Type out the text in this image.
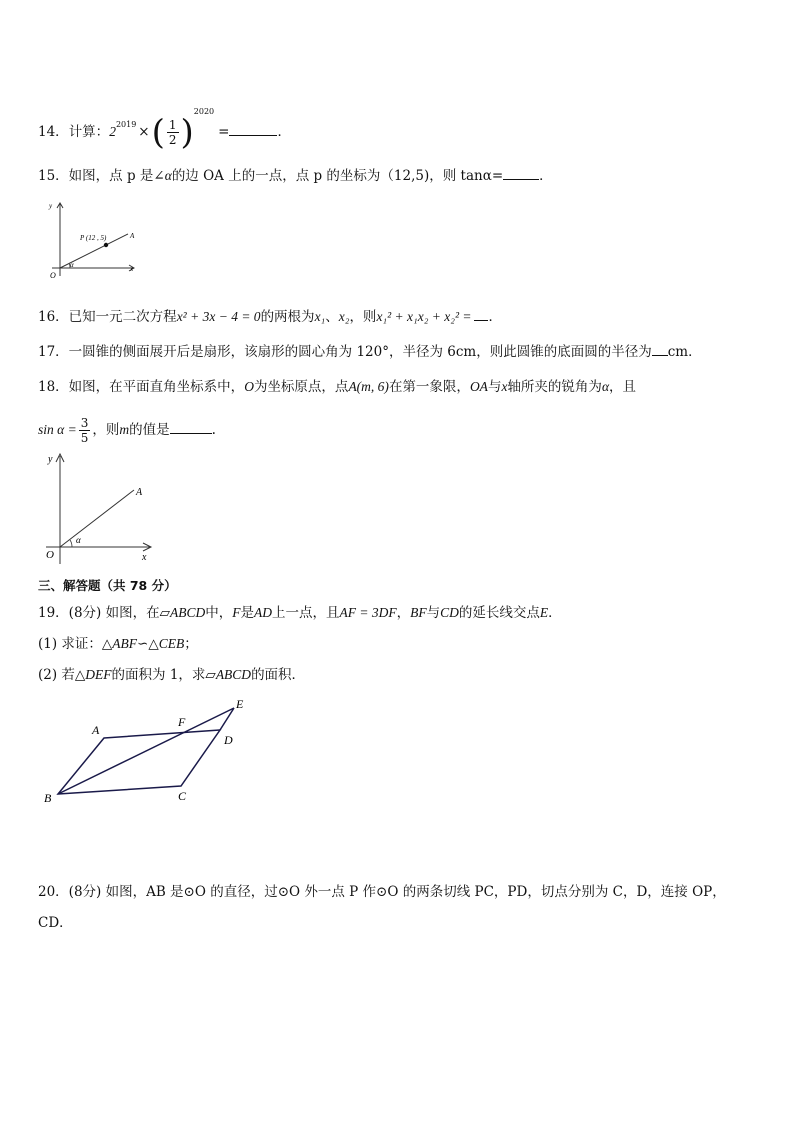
14．计算：$2^{2019}$ ×( $\frac{1}{2} )^{2020}=$	．
15．如图，点 p 是∠α的边 OA 上的一点，点 p 的坐标为（12,5)，则 tanα=	．
y
x
O
P (12 , 5)	A
α
16．已知一元二次方程x² + 3x − 4 = 0的两根为x₁、x₂，则x₁² + x₁x₂ + x₂² = ．
17．一圆锥的侧面展开后是扇形，该扇形的圆心角为 120°，半径为 6cm，则此圆锥的底面圆的半径为 cm．
18．如图，在平面直角坐标系中，O为坐标原点，点A(m, 6)在第一象限，OA与x轴所夹的锐角为α，且
$\sin \alpha = \frac{3}{5}$ ，则m的值是	.
y
x
O
A
α
三、解答题（共 78 分）
19．(8分) 如图，在▱ABCD中，F是AD上一点，且AF = 3DF，BF与CD的延长线交点E．
(1) 求证：△ABF∽△CEB；
(2) 若△DEF的面积为 1，求▱ABCD的面积．
A
B	C
D
E
F
20．(8分) 如图，AB 是⊙O 的直径，过⊙O 外一点 P 作⊙O 的两条切线 PC，PD，切点分别为 C，D，连接 OP，
CD．
